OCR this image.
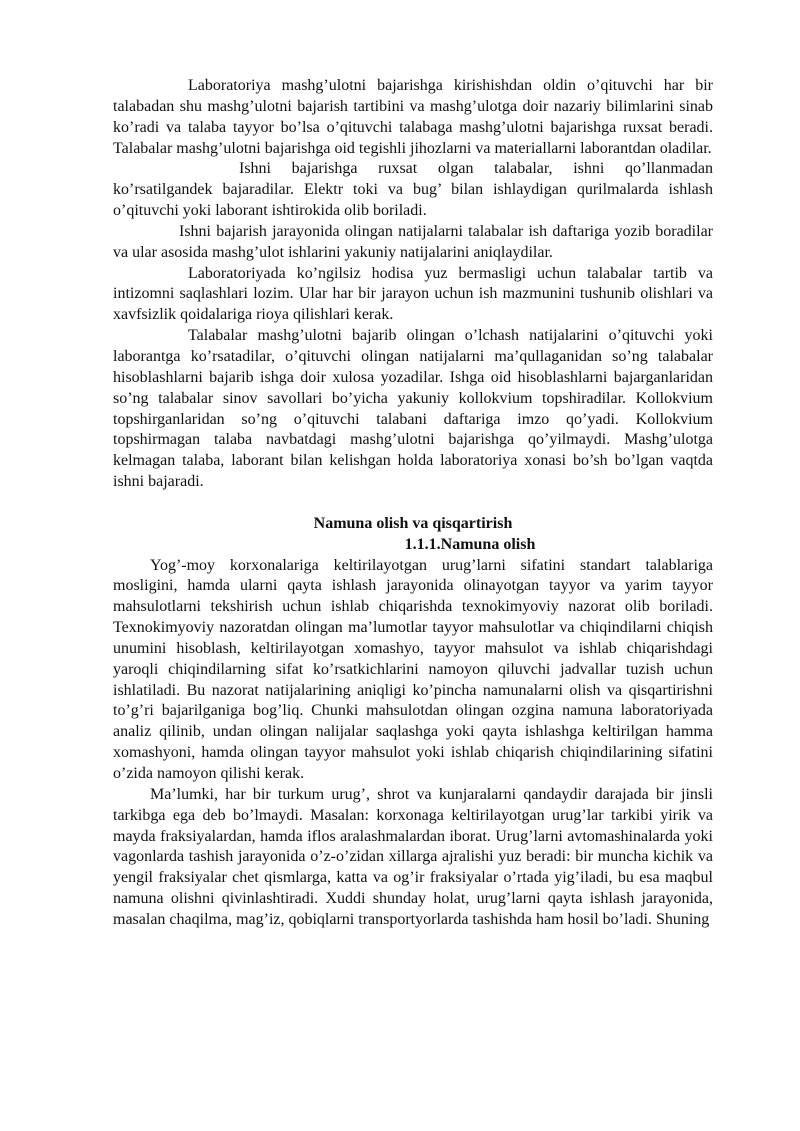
Laboratoriya mashg’ulotni bajarishga kirishishdan oldin o’qituvchi har bir talabadan shu mashg’ulotni bajarish tartibini va mashg’ulotga doir nazariy bilimlarini sinab ko’radi va talaba tayyor bo’lsa o’qituvchi talabaga mashg’ulotni bajarishga ruxsat beradi. Talabalar mashg’ulotni bajarishga oid tegishli jihozlarni va materiallarni laborantdan oladilar.

Ishni bajarishga ruxsat olgan talabalar, ishni qo’llanmadan ko’rsatilgandek bajaradilar. Elektr toki va bug’ bilan ishlaydigan qurilmalarda ishlash o’qituvchi yoki laborant ishtirokida olib boriladi.

Ishni bajarish jarayonida olingan natijalarni talabalar ish daftariga yozib boradilar va ular asosida mashg’ulot ishlarini yakuniy natijalarini aniqlaydilar.

Laboratoriyada ko’ngilsiz hodisa yuz bermasligi uchun talabalar tartib va intizomni saqlashlari lozim. Ular har bir jarayon uchun ish mazmunini tushunib olishlari va xavfsizlik qoidalariga rioya qilishlari kerak.

Talabalar mashg’ulotni bajarib olingan o’lchash natijalarini o’qituvchi yoki laborantga ko’rsatadilar, o’qituvchi olingan natijalarni ma’qullaganidan so’ng talabalar hisoblashlarni bajarib ishga doir xulosa yozadilar. Ishga oid hisoblashlarni bajarganlaridan so’ng talabalar sinov savollari bo’yicha yakuniy kollokvium topshiradilar. Kollokvium topshirganlaridan so’ng o’qituvchi talabani daftariga imzo qo’yadi. Kollokvium topshirmagan talaba navbatdagi mashg’ulotni bajarishga qo’yilmaydi. Mashg’ulotga kelmagan talaba, laborant bilan kelishgan holda laboratoriya xonasi bo’sh bo’lgan vaqtda ishni bajaradi.

Namuna olish va qisqartirish

1.1.1.Namuna olish

Yog’-moy korxonalariga keltirilayotgan urug’larni sifatini standart talablariga mosligini, hamda ularni qayta ishlash jarayonida olinayotgan tayyor va yarim tayyor mahsulotlarni tekshirish uchun ishlab chiqarishda texnokimyoviy nazorat olib boriladi. Texnokimyoviy nazoratdan olingan ma’lumotlar tayyor mahsulotlar va chiqindilarni chiqish unumini hisoblash, keltirilayotgan xomashyo, tayyor mahsulot va ishlab chiqarishdagi yaroqli chiqindilarning sifat ko’rsatkichlarini namoyon qiluvchi jadvallar tuzish uchun ishlatiladi. Bu nazorat natijalarining aniqligi ko’pincha namunalarni olish va qisqartirishni to’g’ri bajarilganiga bog’liq. Chunki mahsulotdan olingan ozgina namuna laboratoriyada analiz qilinib, undan olingan nalijalar saqlashga yoki qayta ishlashga keltirilgan hamma xomashyoni, hamda olingan tayyor mahsulot yoki ishlab chiqarish chiqindilarining sifatini o’zida namoyon qilishi kerak.

Ma’lumki, har bir turkum urug’, shrot va kunjaralarni qandaydir darajada bir jinsli tarkibga ega deb bo’lmaydi. Masalan: korxonaga keltirilayotgan urug’lar tarkibi yirik va mayda fraksiyalardan, hamda iflos aralashmalardan iborat. Urug’larni avtomashinalarda yoki vagonlarda tashish jarayonida o’z-o’zidan xillarga ajralishi yuz beradi: bir muncha kichik va yengil fraksiyalar chet qismlarga, katta va og’ir fraksiyalar o’rtada yig’iladi, bu esa maqbul namuna olishni qivinlashtiradi. Xuddi shunday holat, urug’larni qayta ishlash jarayonida, masalan chaqilma, mag’iz, qobiqlarni transportyorlarda tashishda ham hosil bo’ladi. Shuning
